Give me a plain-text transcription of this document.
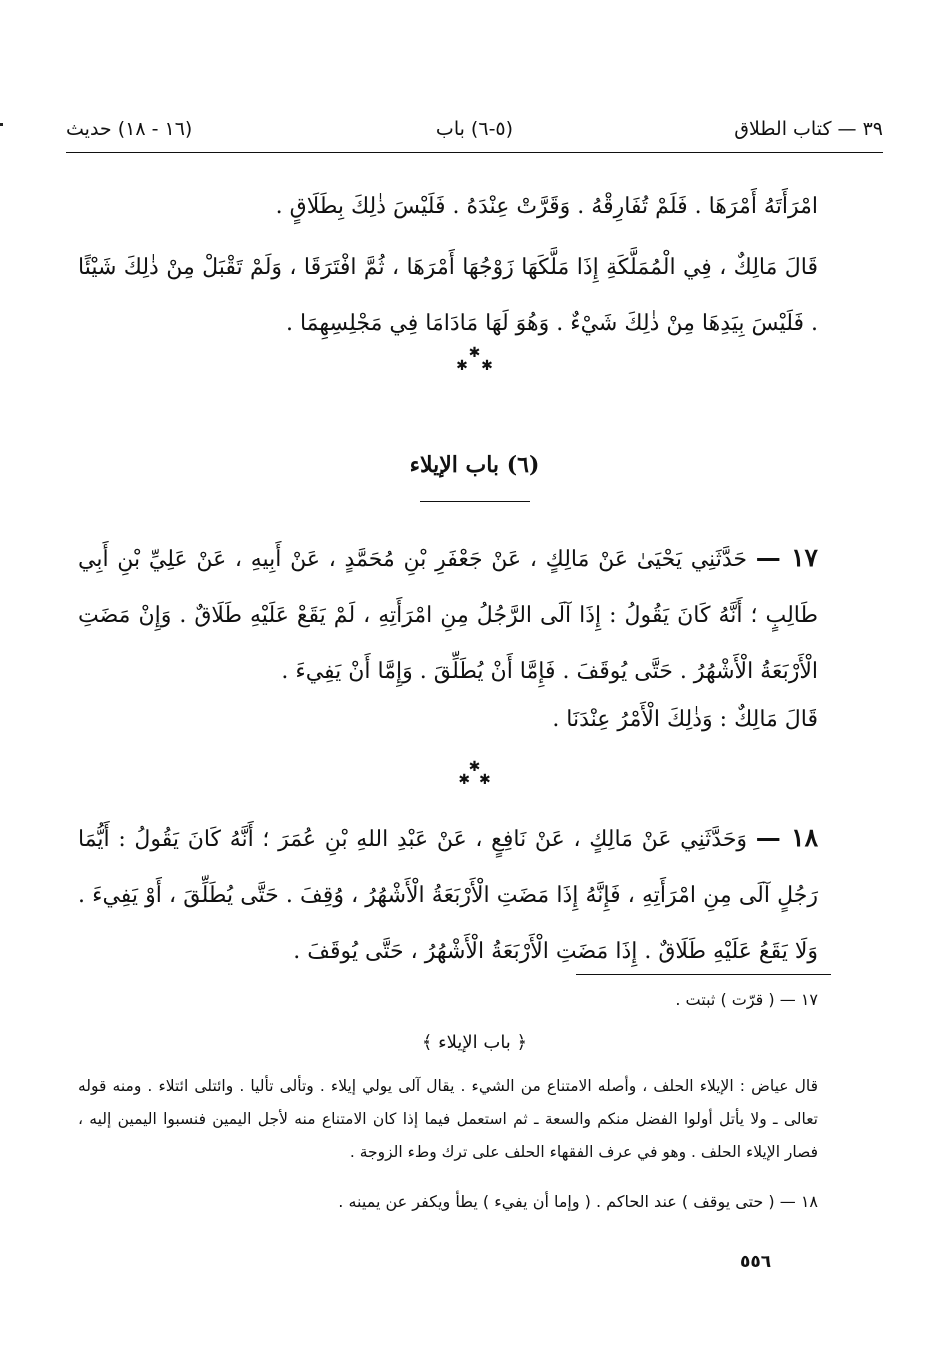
٣٩ — كتاب الطلاق
(٥-٦) باب
(١٦ - ١٨) حديث
امْرَأَتَهُ أَمْرَهَا . فَلَمْ تُفَارِقْهُ . وَقَرَّتْ عِنْدَهُ . فَلَيْسَ ذٰلِكَ بِطَلَاقٍ .
قَالَ مَالِكٌ ، فِي الْمُمَلَّكَةِ إِذَا مَلَّكَهَا زَوْجُهَا أَمْرَهَا ، ثُمَّ افْتَرَقَا ، وَلَمْ تَقْبَلْ مِنْ ذٰلِكَ شَيْئًا . فَلَيْسَ بِيَدِهَا مِنْ ذٰلِكَ شَيْءٌ . وَهُوَ لَهَا مَادَامَا فِي مَجْلِسِهِمَا .
✱
✱   ✱
(٦) باب الإيلاء
١٧ — حَدَّثَنِي يَحْيَىٰ عَنْ مَالِكٍ ، عَنْ جَعْفَرِ بْنِ مُحَمَّدٍ ، عَنْ أَبِيهِ ، عَنْ عَلِيِّ بْنِ أَبِي طَالِبٍ ؛ أَنَّهُ كَانَ يَقُولُ : إِذَا آلَى الرَّجُلُ مِنِ امْرَأَتِهِ ، لَمْ يَقَعْ عَلَيْهِ طَلَاقٌ . وَإِنْ مَضَتِ الْأَرْبَعَةُ الْأَشْهُرُ . حَتَّى يُوقَفَ . فَإِمَّا أَنْ يُطَلِّقَ . وَإِمَّا أَنْ يَفِيءَ .
قَالَ مَالِكٌ : وَذٰلِكَ الْأَمْرُ عِنْدَنَا .
✱
✱  ✱
١٨ — وَحَدَّثَنِي عَنْ مَالِكٍ ، عَنْ نَافِعٍ ، عَنْ عَبْدِ اللهِ بْنِ عُمَرَ ؛ أَنَّهُ كَانَ يَقُولُ : أَيُّمَا رَجُلٍ آلَى مِنِ امْرَأَتِهِ ، فَإِنَّهُ إِذَا مَضَتِ الْأَرْبَعَةُ الْأَشْهُرُ ، وُقِفَ . حَتَّى يُطَلِّقَ ، أَوْ يَفِيءَ . وَلَا يَقَعُ عَلَيْهِ طَلَاقٌ . إِذَا مَضَتِ الْأَرْبَعَةُ الْأَشْهُرُ ، حَتَّى يُوقَفَ .
١٧ — ( قرّت ) ثبتت .
﴿ باب الإيلاء ﴾
قال عياض : الإيلاء الحلف ، وأصله الامتناع من الشيء . يقال آلى يولي إيلاء . وتألى تأليا . وائتلى ائتلاء . ومنه قوله تعالى ـ ولا يأتل أولوا الفضل منكم والسعة ـ ثم استعمل فيما إذا كان الامتناع منه لأجل اليمين فنسبوا اليمين إليه ، فصار الإيلاء الحلف . وهو في عرف الفقهاء الحلف على ترك وطء الزوجة .
١٨ — ( حتى يوقف ) عند الحاكم . ( وإما أن يفيء ) يطأ ويكفر عن يمينه .
٥٥٦
